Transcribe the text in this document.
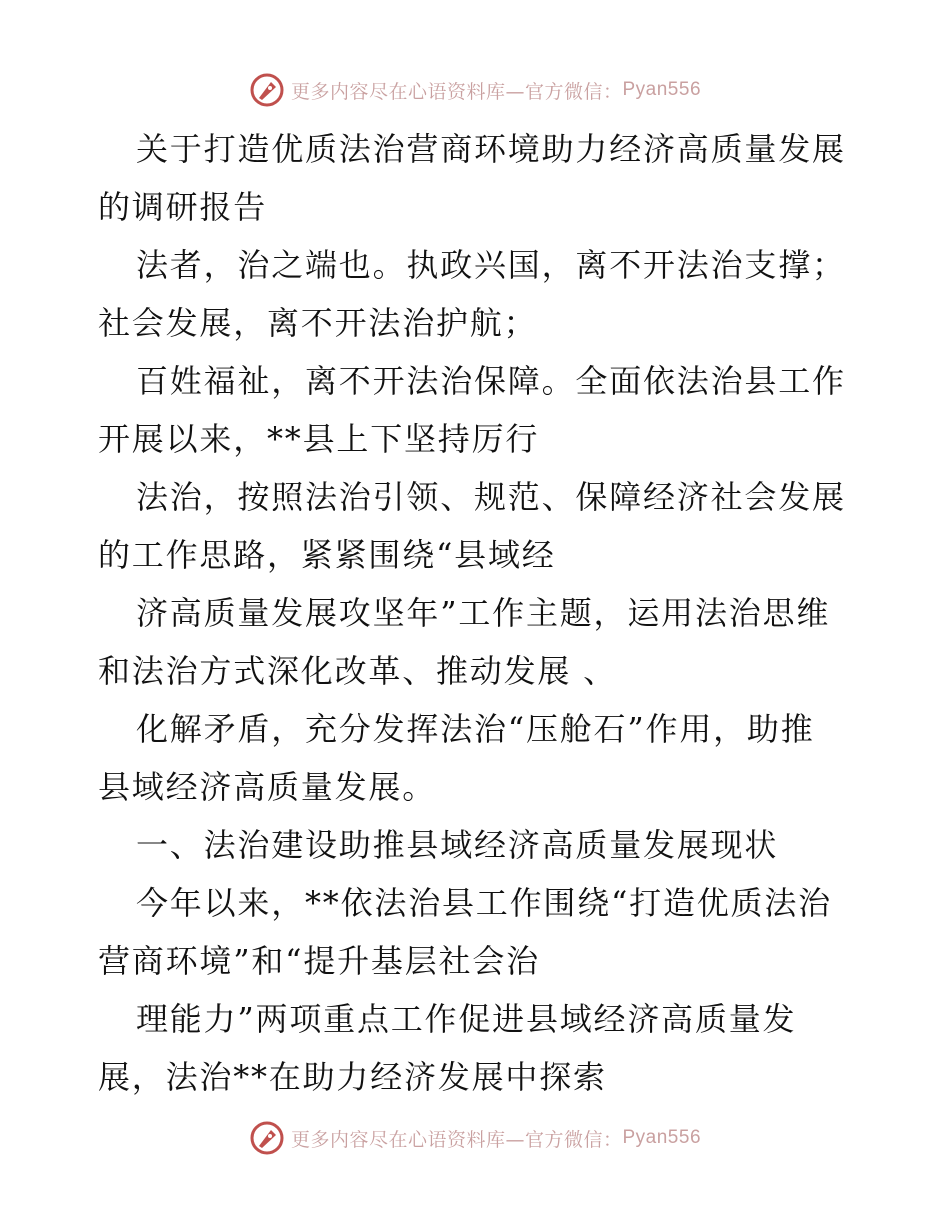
更多内容尽在心语资料库—官方微信： Pyan556
关于打造优质法治营商环境助力经济高质量发展
的调研报告
法者，治之端也。执政兴国，离不开法治支撑；
社会发展，离不开法治护航；
百姓福祉，离不开法治保障。全面依法治县工作
开展以来，**县上下坚持厉行
法治，按照法治引领、规范、保障经济社会发展
的工作思路，紧紧围绕“县域经
济高质量发展攻坚年”工作主题，运用法治思维
和法治方式深化改革、推动发展 、
化解矛盾，充分发挥法治“压舱石”作用，助推
县域经济高质量发展。
一、法治建设助推县域经济高质量发展现状
今年以来，**依法治县工作围绕“打造优质法治
营商环境”和“提升基层社会治
理能力”两项重点工作促进县域经济高质量发
展，法治**在助力经济发展中探索
更多内容尽在心语资料库—官方微信： Pyan556
